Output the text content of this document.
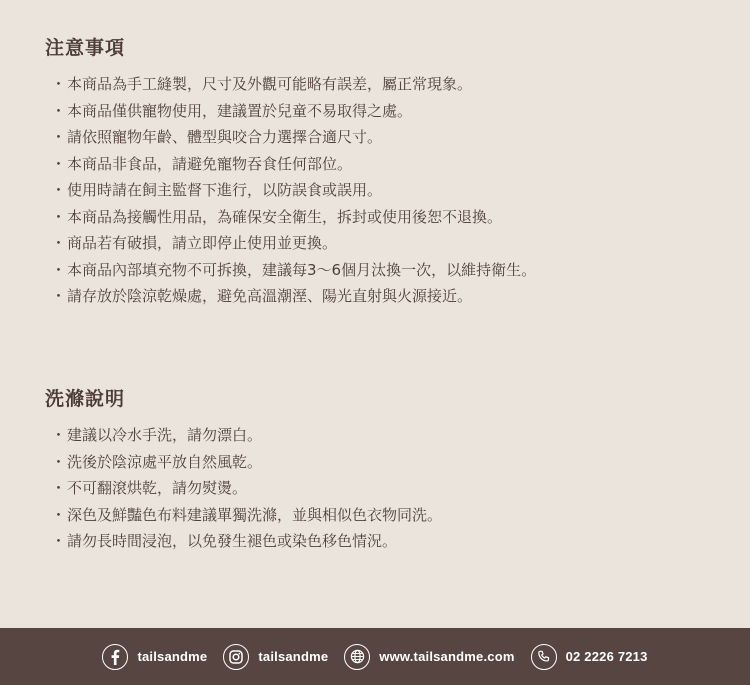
注意事項
・ 本商品為手工縫製，尺寸及外觀可能略有誤差，屬正常現象。
・ 本商品僅供寵物使用，建議置於兒童不易取得之處。
・ 請依照寵物年齡、體型與咬合力選擇合適尺寸。
・ 本商品非食品，請避免寵物吞食任何部位。
・ 使用時請在飼主監督下進行，以防誤食或誤用。
・ 本商品為接觸性用品，為確保安全衛生，拆封或使用後恕不退換。
・ 商品若有破損，請立即停止使用並更換。
・ 本商品內部填充物不可拆換，建議每3〜6個月汰換一次，以維持衛生。
・ 請存放於陰涼乾燥處，避免高溫潮溼、陽光直射與火源接近。
洗滌說明
・ 建議以冷水手洗，請勿漂白。
・ 洗後於陰涼處平放自然風乾。
・ 不可翻滾烘乾，請勿熨燙。
・ 深色及鮮豔色布料建議單獨洗滌，並與相似色衣物同洗。
・ 請勿長時間浸泡，以免發生褪色或染色移色情況。
tailsandme	tailsandme	www.tailsandme.com	02 2226 7213
